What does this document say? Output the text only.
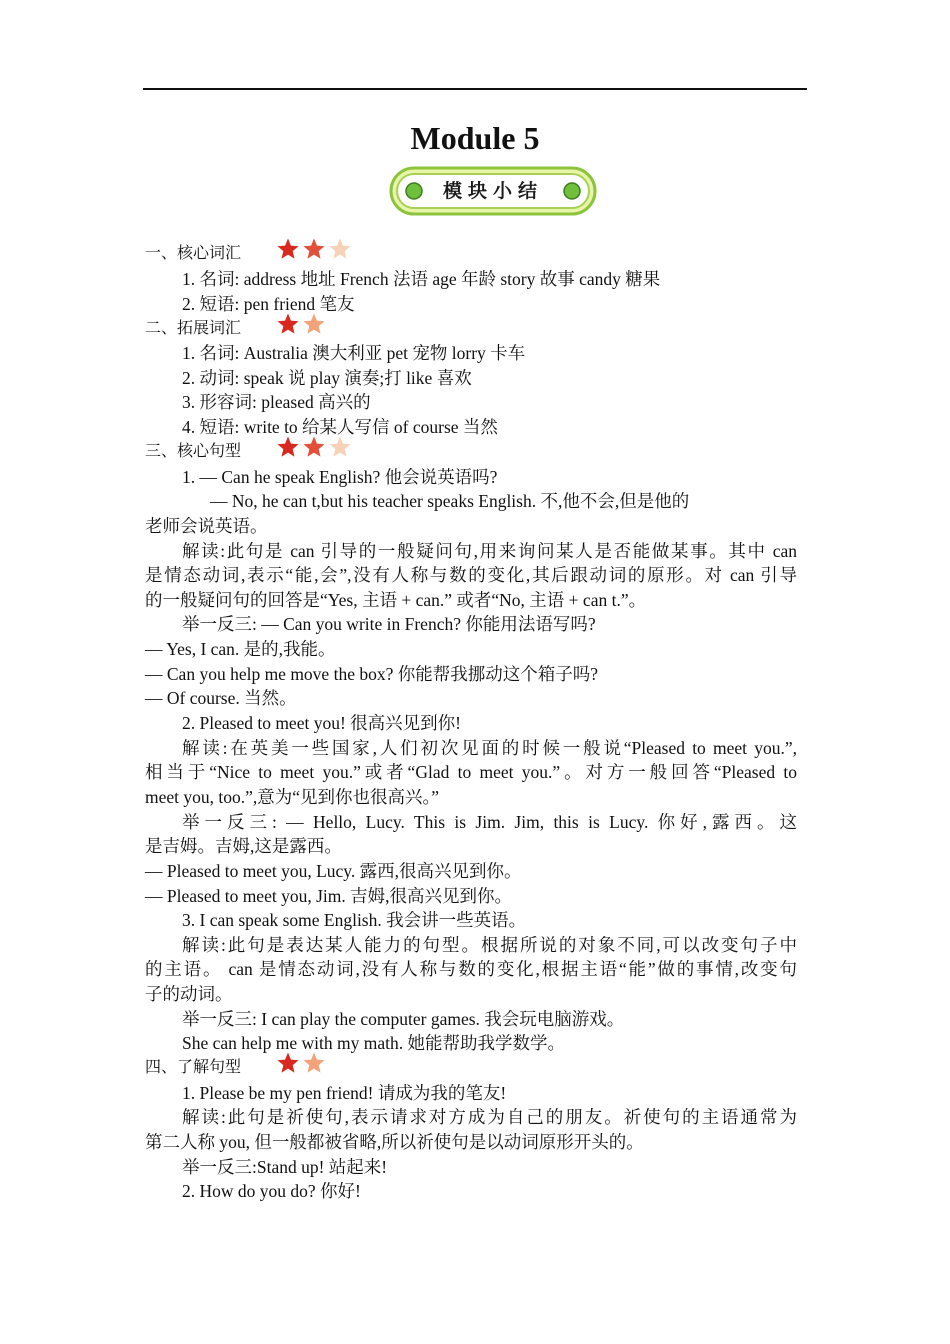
Module 5
模块小结
一、核心词汇
1. 名词: address 地址 French 法语 age 年龄 story 故事 candy 糖果
2. 短语: pen friend 笔友
二、拓展词汇
1. 名词: Australia 澳大利亚 pet 宠物 lorry 卡车
2. 动词: speak 说 play 演奏;打 like 喜欢
3. 形容词: pleased 高兴的
4. 短语: write to 给某人写信 of course 当然
三、核心句型
1. — Can he speak English? 他会说英语吗?
— No, he can t,but his teacher speaks English. 不,他不会,但是他的
老师会说英语。
解读:此句是 can 引导的一般疑问句,用来询问某人是否能做某事。其中 can
是情态动词,表示“能,会”,没有人称与数的变化,其后跟动词的原形。对 can 引导
的一般疑问句的回答是“Yes, 主语 + can.” 或者“No, 主语 + can t.”。
举一反三: — Can you write in French? 你能用法语写吗?
— Yes, I can. 是的,我能。
— Can you help me move the box? 你能帮我挪动这个箱子吗?
— Of course. 当然。
2. Pleased to meet you! 很高兴见到你!
解读:在英美一些国家,人们初次见面的时候一般说“Pleased to meet you.”,
相当于“Nice to meet you.”或者“Glad to meet you.”。对方一般回答“Pleased to
meet you, too.”,意为“见到你也很高兴。”
举一反三: — Hello, Lucy. This is Jim. Jim, this is Lucy. 你好,露西。这
是吉姆。吉姆,这是露西。
— Pleased to meet you, Lucy. 露西,很高兴见到你。
— Pleased to meet you, Jim. 吉姆,很高兴见到你。
3. I can speak some English. 我会讲一些英语。
解读:此句是表达某人能力的句型。根据所说的对象不同,可以改变句子中
的主语。 can 是情态动词,没有人称与数的变化,根据主语“能”做的事情,改变句
子的动词。
举一反三: I can play the computer games. 我会玩电脑游戏。
She can help me with my math. 她能帮助我学数学。
四、了解句型
1. Please be my pen friend! 请成为我的笔友!
解读:此句是祈使句,表示请求对方成为自己的朋友。祈使句的主语通常为
第二人称 you, 但一般都被省略,所以祈使句是以动词原形开头的。
举一反三:Stand up! 站起来!
2. How do you do? 你好!
